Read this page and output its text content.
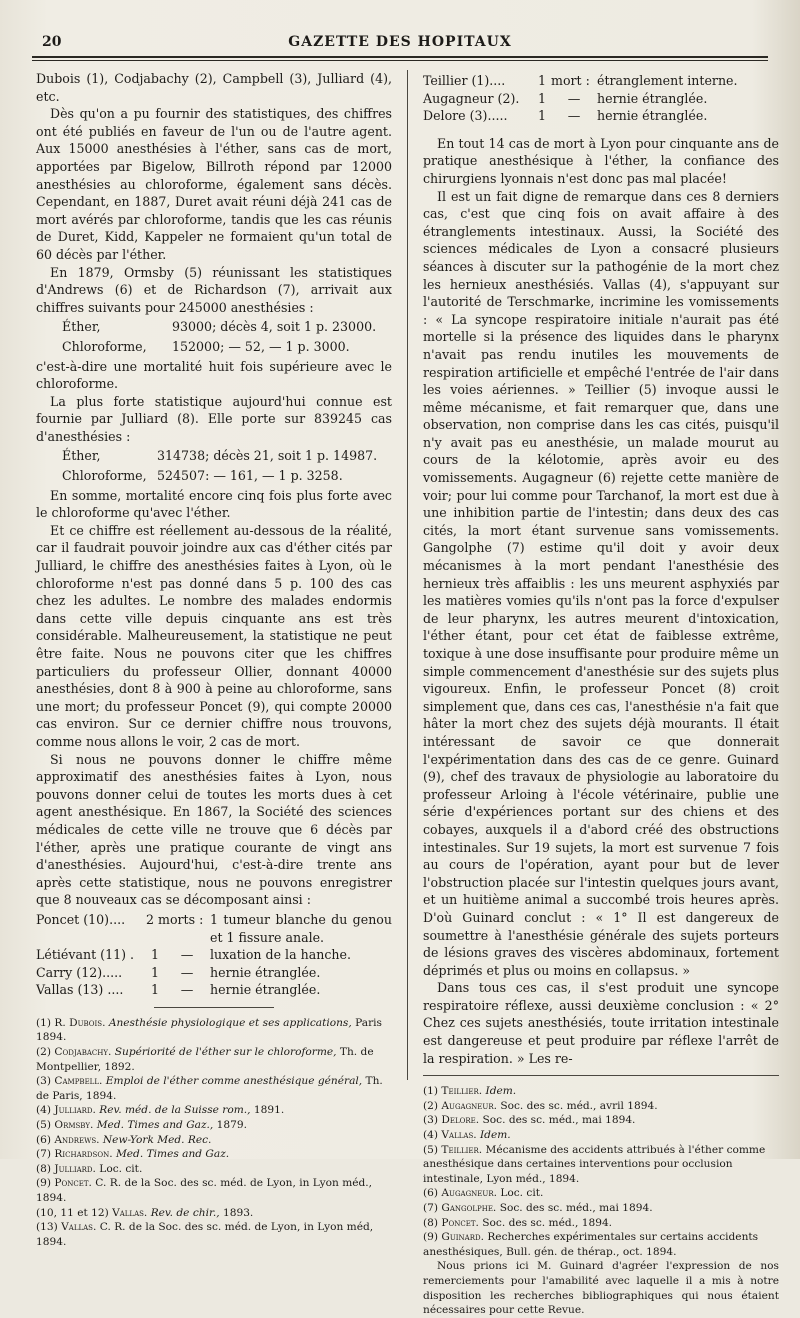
20	GAZETTE DES HOPITAUX

Dubois (1), Codjabachy (2), Campbell (3), Julliard (4), etc.

Dès qu'on a pu fournir des statistiques, des chiffres ont été publiés en faveur de l'un ou de l'autre agent. Aux 15000 anesthésies à l'éther, sans cas de mort, apportées par Bigelow, Billroth répond par 12000 anesthésies au chloroforme, également sans décès. Cependant, en 1887, Duret avait réuni déjà 241 cas de mort avérés par chloroforme, tandis que les cas réunis de Duret, Kidd, Kappeler ne formaient qu'un total de 60 décès par l'éther.

En 1879, Ormsby (5) réunissant les statistiques d'Andrews (6) et de Richardson (7), arrivait aux chiffres suivants pour 245000 anesthésies :

Éther,	93000; décès 4, soit 1 p. 23000.
Chloroforme, 152000; — 52, — 1 p. 3000.

c'est-à-dire une mortalité huit fois supérieure avec le chloroforme.

La plus forte statistique aujourd'hui connue est fournie par Julliard (8). Elle porte sur 839245 cas d'anesthésies :

Éther,	314738; décès 21, soit 1 p. 14987.
Chloroforme, 524507: — 161, — 1 p. 3258.

En somme, mortalité encore cinq fois plus forte avec le chloroforme qu'avec l'éther.

Et ce chiffre est réellement au-dessous de la réalité, car il faudrait pouvoir joindre aux cas d'éther cités par Julliard, le chiffre des anesthésies faites à Lyon, où le chloroforme n'est pas donné dans 5 p. 100 des cas chez les adultes. Le nombre des malades endormis dans cette ville depuis cinquante ans est très considérable. Malheureusement, la statistique ne peut être faite. Nous ne pouvons citer que les chiffres particuliers du professeur Ollier, donnant 40000 anesthésies, dont 8 à 900 à peine au chloroforme, sans une mort; du professeur Poncet (9), qui compte 20000 cas environ. Sur ce dernier chiffre nous trouvons, comme nous allons le voir, 2 cas de mort.

Si nous ne pouvons donner le chiffre même approximatif des anesthésies faites à Lyon, nous pouvons donner celui de toutes les morts dues à cet agent anesthésique. En 1867, la Société des sciences médicales de cette ville ne trouve que 6 décès par l'éther, après une pratique courante de vingt ans d'anesthésies. Aujourd'hui, c'est-à-dire trente ans après cette statistique, nous ne pouvons enregistrer que 8 nouveaux cas se décomposant ainsi :

Poncet (10)....	2 morts :		1 tumeur blanche du genou et 1 fissure anale.
Létiévant (11) .	1	—	luxation de la hanche.
Carry (12).....	1	—	hernie étranglée.
Vallas (13) ....	1	—	hernie étranglée.
(1) R. Dubois. Anesthésie physiologique et ses applications, Paris 1894.
(2) Codjabachy. Supériorité de l'éther sur le chloroforme, Th. de Montpellier, 1892.
(3) Campbell. Emploi de l'éther comme anesthésique général, Th. de Paris, 1894.
(4) Julliard. Rev. méd. de la Suisse rom., 1891.
(5) Ormsby. Med. Times and Gaz., 1879.
(6) Andrews. New-York Med. Rec.
(7) Richardson. Med. Times and Gaz.
(8) Julliard. Loc. cit.
(9) Poncet. C. R. de la Soc. des sc. méd. de Lyon, in Lyon méd., 1894.
(10, 11 et 12) Vallas. Rev. de chir., 1893.
(13) Vallas. C. R. de la Soc. des sc. méd. de Lyon, in Lyon méd, 1894.
Teillier (1)....	1	mort :	étranglement interne.
Augagneur (2).	1	—	hernie étranglée.
Delore (3).....	1	—	hernie étranglée.

En tout 14 cas de mort à Lyon pour cinquante ans de pratique anesthésique à l'éther, la confiance des chirurgiens lyonnais n'est donc pas mal placée!

Il est un fait digne de remarque dans ces 8 derniers cas, c'est que cinq fois on avait affaire à des étranglements intestinaux. Aussi, la Société des sciences médicales de Lyon a consacré plusieurs séances à discuter sur la pathogénie de la mort chez les hernieux anesthésiés. Vallas (4), s'appuyant sur l'autorité de Terschmarke, incrimine les vomissements : « La syncope respiratoire initiale n'aurait pas été mortelle si la présence des liquides dans le pharynx n'avait pas rendu inutiles les mouvements de respiration artificielle et empêché l'entrée de l'air dans les voies aériennes. » Teillier (5) invoque aussi le même mécanisme, et fait remarquer que, dans une observation, non comprise dans les cas cités, puisqu'il n'y avait pas eu anesthésie, un malade mourut au cours de la kélotomie, après avoir eu des vomissements. Augagneur (6) rejette cette manière de voir; pour lui comme pour Tarchanof, la mort est due à une inhibition partie de l'intestin; dans deux des cas cités, la mort étant survenue sans vomissements. Gangolphe (7) estime qu'il doit y avoir deux mécanismes à la mort pendant l'anesthésie des hernieux très affaiblis : les uns meurent asphyxiés par les matières vomies qu'ils n'ont pas la force d'expulser de leur pharynx, les autres meurent d'intoxication, l'éther étant, pour cet état de faiblesse extrême, toxique à une dose insuffisante pour produire même un simple commencement d'anesthésie sur des sujets plus vigoureux. Enfin, le professeur Poncet (8) croit simplement que, dans ces cas, l'anesthésie n'a fait que hâter la mort chez des sujets déjà mourants. Il était intéressant de savoir ce que donnerait l'expérimentation dans des cas de ce genre. Guinard (9), chef des travaux de physiologie au laboratoire du professeur Arloing à l'école vétérinaire, publie une série d'expériences portant sur des chiens et des cobayes, auxquels il a d'abord créé des obstructions intestinales. Sur 19 sujets, la mort est survenue 7 fois au cours de l'opération, ayant pour but de lever l'obstruction placée sur l'intestin quelques jours avant, et un huitième animal a succombé trois heures après. D'où Guinard conclut : « 1° Il est dangereux de soumettre à l'anesthésie générale des sujets porteurs de lésions graves des viscères abdominaux, fortement déprimés et plus ou moins en collapsus. »

Dans tous ces cas, il s'est produit une syncope respiratoire réflexe, aussi deuxième conclusion : « 2° Chez ces sujets anesthésiés, toute irritation intestinale est dangereuse et peut produire par réflexe l'arrêt de la respiration. » Les re-

(1) Teillier. Idem.
(2) Augagneur. Soc. des sc. méd., avril 1894.
(3) Delore. Soc. des sc. méd., mai 1894.
(4) Vallas. Idem.
(5) Teillier. Mécanisme des accidents attribués à l'éther comme anesthésique dans certaines interventions pour occlusion intestinale, Lyon méd., 1894.
(6) Augagneur. Loc. cit.
(7) Gangolphe. Soc. des sc. méd., mai 1894.
(8) Poncet. Soc. des sc. méd., 1894.
(9) Guinard. Recherches expérimentales sur certains accidents anesthésiques, Bull. gén. de thérap., oct. 1894.

Nous prions ici M. Guinard d'agréer l'expression de nos remerciements pour l'amabilité avec laquelle il a mis à notre disposition les recherches bibliographiques qui nous étaient nécessaires pour cette Revue.
